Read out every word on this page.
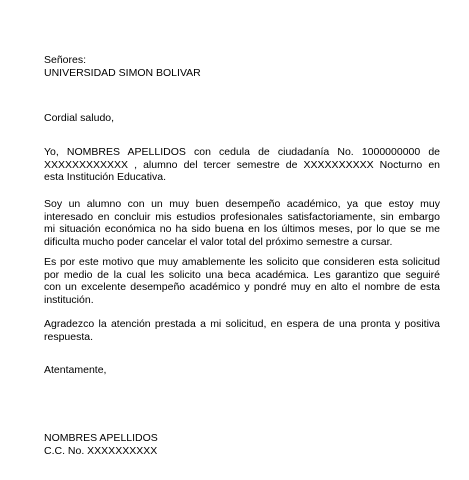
Señores:
UNIVERSIDAD SIMON BOLIVAR
Cordial saludo,
Yo, NOMBRES APELLIDOS con cedula de ciudadanía No. 1000000000 de
XXXXXXXXXXXX , alumno del tercer semestre de XXXXXXXXXX Nocturno en
esta Institución Educativa.
Soy un alumno con un muy buen desempeño académico, ya que estoy muy
interesado en concluir mis estudios profesionales satisfactoriamente, sin embargo
mi situación económica no ha sido buena en los últimos meses, por lo que se me
dificulta mucho poder cancelar el valor total del próximo semestre a cursar.
Es por este motivo que muy amablemente les solicito que consideren esta solicitud
por medio de la cual les solicito una beca académica. Les garantizo que seguiré
con un excelente desempeño académico y pondré muy en alto el nombre de esta
institución.
Agradezco la atención prestada a mi solicitud, en espera de una pronta y positiva
respuesta.
Atentamente,
NOMBRES APELLIDOS
C.C. No. XXXXXXXXXX
